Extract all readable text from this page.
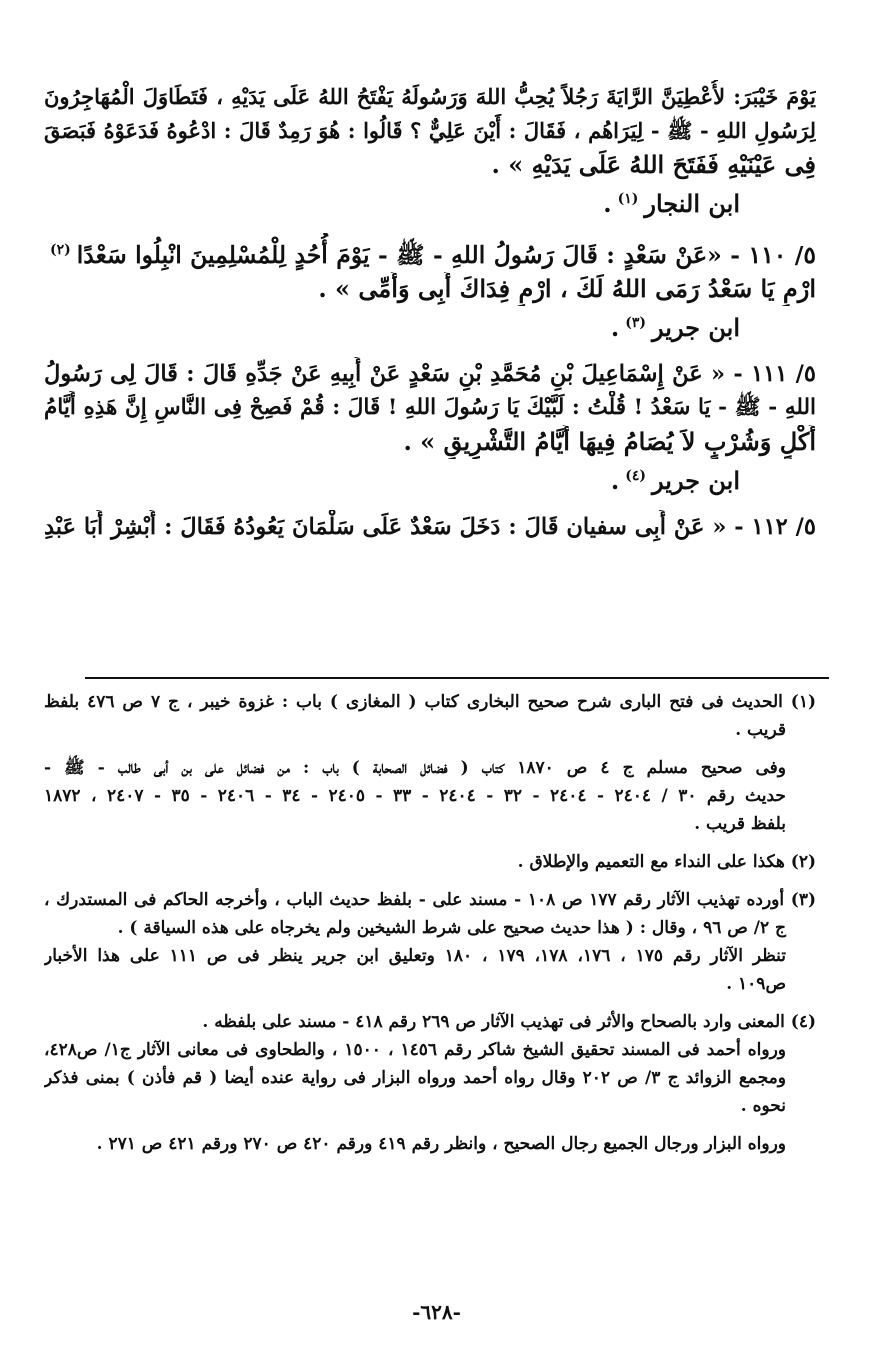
يَوْمَ خَيْبَرَ: لأُعْطِيَنَّ الرَّايَةَ رَجُلاً يُحِبُّ اللهَ وَرَسُولَهُ يَفْتَحُ اللهُ عَلَى يَدَيْهِ ، فَتَطَاوَلَ الْمُهَاجِرُونَ

لِرَسُولِ اللهِ - ﷺ - لِيَرَاهُم ، فَقَالَ : أَيْنَ عَلِيٌّ ؟ قَالُوا : هُوَ رَمِدٌ قَالَ : ادْعُوهُ فَدَعَوْهُ فَبَصَقَ

فِى عَيْنَيْهِ فَفَتَحَ اللهُ عَلَى يَدَيْهِ » .

ابن النجار$^{(١)}$.

٥/ ١١٠ - «عَنْ سَعْدٍ : قَالَ رَسُولُ اللهِ - ﷺ - يَوْمَ أُحُدٍ لِلْمُسْلِمِينَ انْبِلُوا سَعْدًا$^{(٢)}$

ارْمِ يَا سَعْدُ رَمَى اللهُ لَكَ ، ارْمِ فِدَاكَ أَبِى وَأُمِّى » .

ابن جرير$^{(٣)}$.

٥/ ١١١ - « عَنْ إِسْمَاعِيلَ بْنِ مُحَمَّدِ بْنِ سَعْدٍ عَنْ أَبِيهِ عَنْ جَدِّهِ قَالَ : قَالَ لِى رَسُولُ

اللهِ - ﷺ - يَا سَعْدُ ! قُلْتُ : لَبَّيْكَ يَا رَسُولَ اللهِ ! قَالَ : قُمْ فَصِحْ فِى النَّاسِ إِنَّ هَذِهِ أَيَّامُ

أَكْلٍ وَشُرْبٍ لاَ يُصَامُ فِيهَا أَيَّامُ التَّشْرِيقِ » .

ابن جرير$^{(٤)}$.

٥/ ١١٢ - « عَنْ أَبِى سفيان قَالَ : دَخَلَ سَعْدٌ عَلَى سَلْمَانَ يَعُودُهُ فَقَالَ : أَبْشِرْ أَبَا عَبْدِ

(١) الحديث فى فتح البارى شرح صحيح البخارى كتاب ( المغازى ) باب : غزوة خيبر ، ج ٧ ص ٤٧٦ بلفظ

قريب .

وفى صحيح مسلم ج ٤ ص ١٨٧٠ كتاب ( فضائل الصحابة ) باب : من فضائل على بن أبى طالب - ﷺ -

حديث رقم ٣٠ / ٢٤٠٤ - ٢٤٠٤ - ٣٢ - ٢٤٠٤ - ٣٣ - ٢٤٠٥ - ٣٤ - ٢٤٠٦ - ٣٥ - ٢٤٠٧ ، ١٨٧٢

بلفظ قريب .

(٢) هكذا على النداء مع التعميم والإطلاق .

(٣) أورده تهذيب الآثار رقم ١٧٧ ص ١٠٨ - مسند على - بلفظ حديث الباب ، وأخرجه الحاكم فى المستدرك ،

ج ٢/ ص ٩٦ ، وقال : ( هذا حديث صحيح على شرط الشيخين ولم يخرجاه على هذه السياقة ) .

تنظر الآثار رقم ١٧٥ ، ١٧٦، ١٧٨، ١٧٩ ، ١٨٠ وتعليق ابن جرير ينظر فى ص ١١١ على هذا الأخبار

ص١٠٩ .

(٤) المعنى وارد بالصحاح والأثر فى تهذيب الآثار ص ٢٦٩ رقم ٤١٨ - مسند على بلفظه .

ورواه أحمد فى المسند تحقيق الشيخ شاكر رقم ١٤٥٦ ، ١٥٠٠ ، والطحاوى فى معانى الآثار ج١/ ص٤٢٨،

ومجمع الزوائد ج ٣/ ص ٢٠٢ وقال رواه أحمد ورواه البزار فى رواية عنده أيضا ( قم فأذن ) بمنى فذكر

نحوه .

ورواه البزار ورجال الجميع رجال الصحيح ، وانظر رقم ٤١٩ ورقم ٤٢٠ ص ٢٧٠ ورقم ٤٢١ ص ٢٧١ .

-٦٢٨-
